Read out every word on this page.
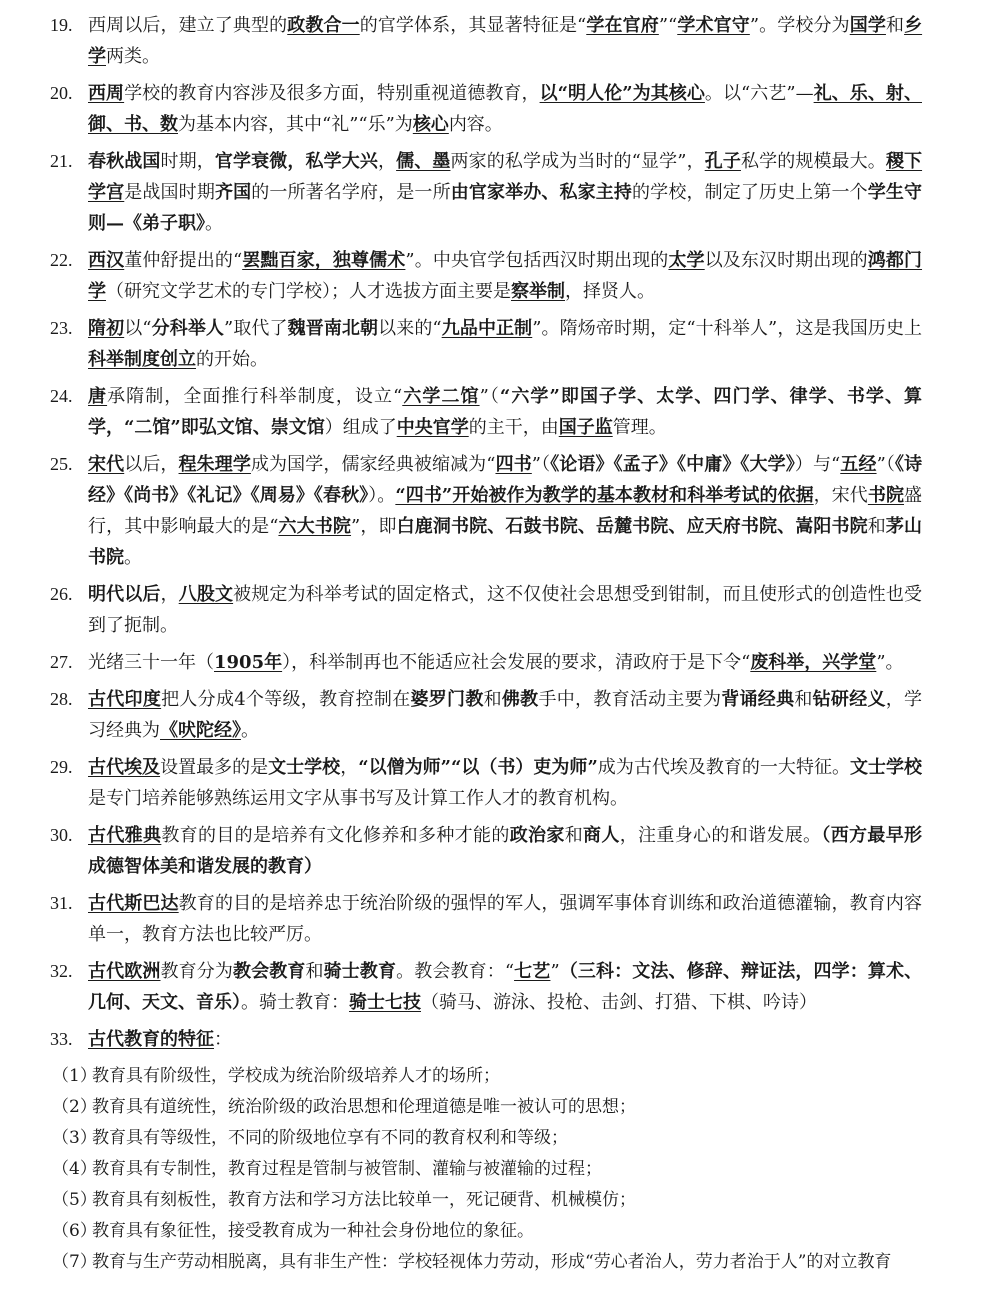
19. 西周以后，建立了典型的政教合一的官学体系，其显著特征是“学在官府”“学术官守”。学校分为国学和乡学两类。
20. 西周学校的教育内容涉及很多方面，特别重视道德教育，以“明人伦”为其核心。以“六艺”—礼、乐、射、御、书、数为基本内容，其中“礼”“乐”为核心内容。
21. 春秋战国时期，官学衰微，私学大兴，儒、墨两家的私学成为当时的“显学”，孔子私学的规模最大。稷下学宫是战国时期齐国的一所著名学府，是一所由官家举办、私家主持的学校，制定了历史上第一个学生守则—《弟子职》。
22. 西汉董仲舒提出的“罢黜百家，独尊儒术”。中央官学包括西汉时期出现的太学以及东汉时期出现的鸿都门学（研究文学艺术的专门学校）；人才选拔方面主要是察举制，择贤人。
23. 隋初以“分科举人”取代了魏晋南北朝以来的“九品中正制”。隋炀帝时期，定“十科举人”，这是我国历史上科举制度创立的开始。
24. 唐承隋制，全面推行科举制度，设立“六学二馆”（“六学”即国子学、太学、四门学、律学、书学、算学，“二馆”即弘文馆、崇文馆）组成了中央官学的主干，由国子监管理。
25. 宋代以后，程朱理学成为国学，儒家经典被缩减为“四书”（《论语》《孟子》《中庸》《大学》）与“五经”（《诗经》《尚书》《礼记》《周易》《春秋》）。“四书”开始被作为教学的基本教材和科举考试的依据，宋代书院盛行，其中影响最大的是“六大书院”，即白鹿洞书院、石鼓书院、岳麓书院、应天府书院、嵩阳书院和茅山书院。
26. 明代以后，八股文被规定为科举考试的固定格式，这不仅使社会思想受到钳制，而且使形式的创造性也受到了扼制。
27. 光绪三十一年（1905年），科举制再也不能适应社会发展的要求，清政府于是下令“废科举，兴学堂”。
28. 古代印度把人分成4个等级，教育控制在婆罗门教和佛教手中，教育活动主要为背诵经典和钻研经义，学习经典为《吠陀经》。
29. 古代埃及设置最多的是文士学校，“以僧为师”“以（书）吏为师”成为古代埃及教育的一大特征。文士学校是专门培养能够熟练运用文字从事书写及计算工作人才的教育机构。
30. 古代雅典教育的目的是培养有文化修养和多种才能的政治家和商人，注重身心的和谐发展。（西方最早形成德智体美和谐发展的教育）
31. 古代斯巴达教育的目的是培养忠于统治阶级的强悍的军人，强调军事体育训练和政治道德灌输，教育内容单一，教育方法也比较严厉。
32. 古代欧洲教育分为教会教育和骑士教育。教会教育：“七艺”（三科：文法、修辞、辩证法，四学：算术、几何、天文、音乐）。骑士教育：骑士七技（骑马、游泳、投枪、击剑、打猎、下棋、吟诗）
33. 古代教育的特征：
（1）教育具有阶级性，学校成为统治阶级培养人才的场所；
（2）教育具有道统性，统治阶级的政治思想和伦理道德是唯一被认可的思想；
（3）教育具有等级性，不同的阶级地位享有不同的教育权利和等级；
（4）教育具有专制性，教育过程是管制与被管制、灌输与被灌输的过程；
（5）教育具有刻板性，教育方法和学习方法比较单一，死记硬背、机械模仿；
（6）教育具有象征性，接受教育成为一种社会身份地位的象征。
（7）教育与生产劳动相脱离，具有非生产性：学校轻视体力劳动，形成“劳心者治人，劳力者治于人”的对立教育
